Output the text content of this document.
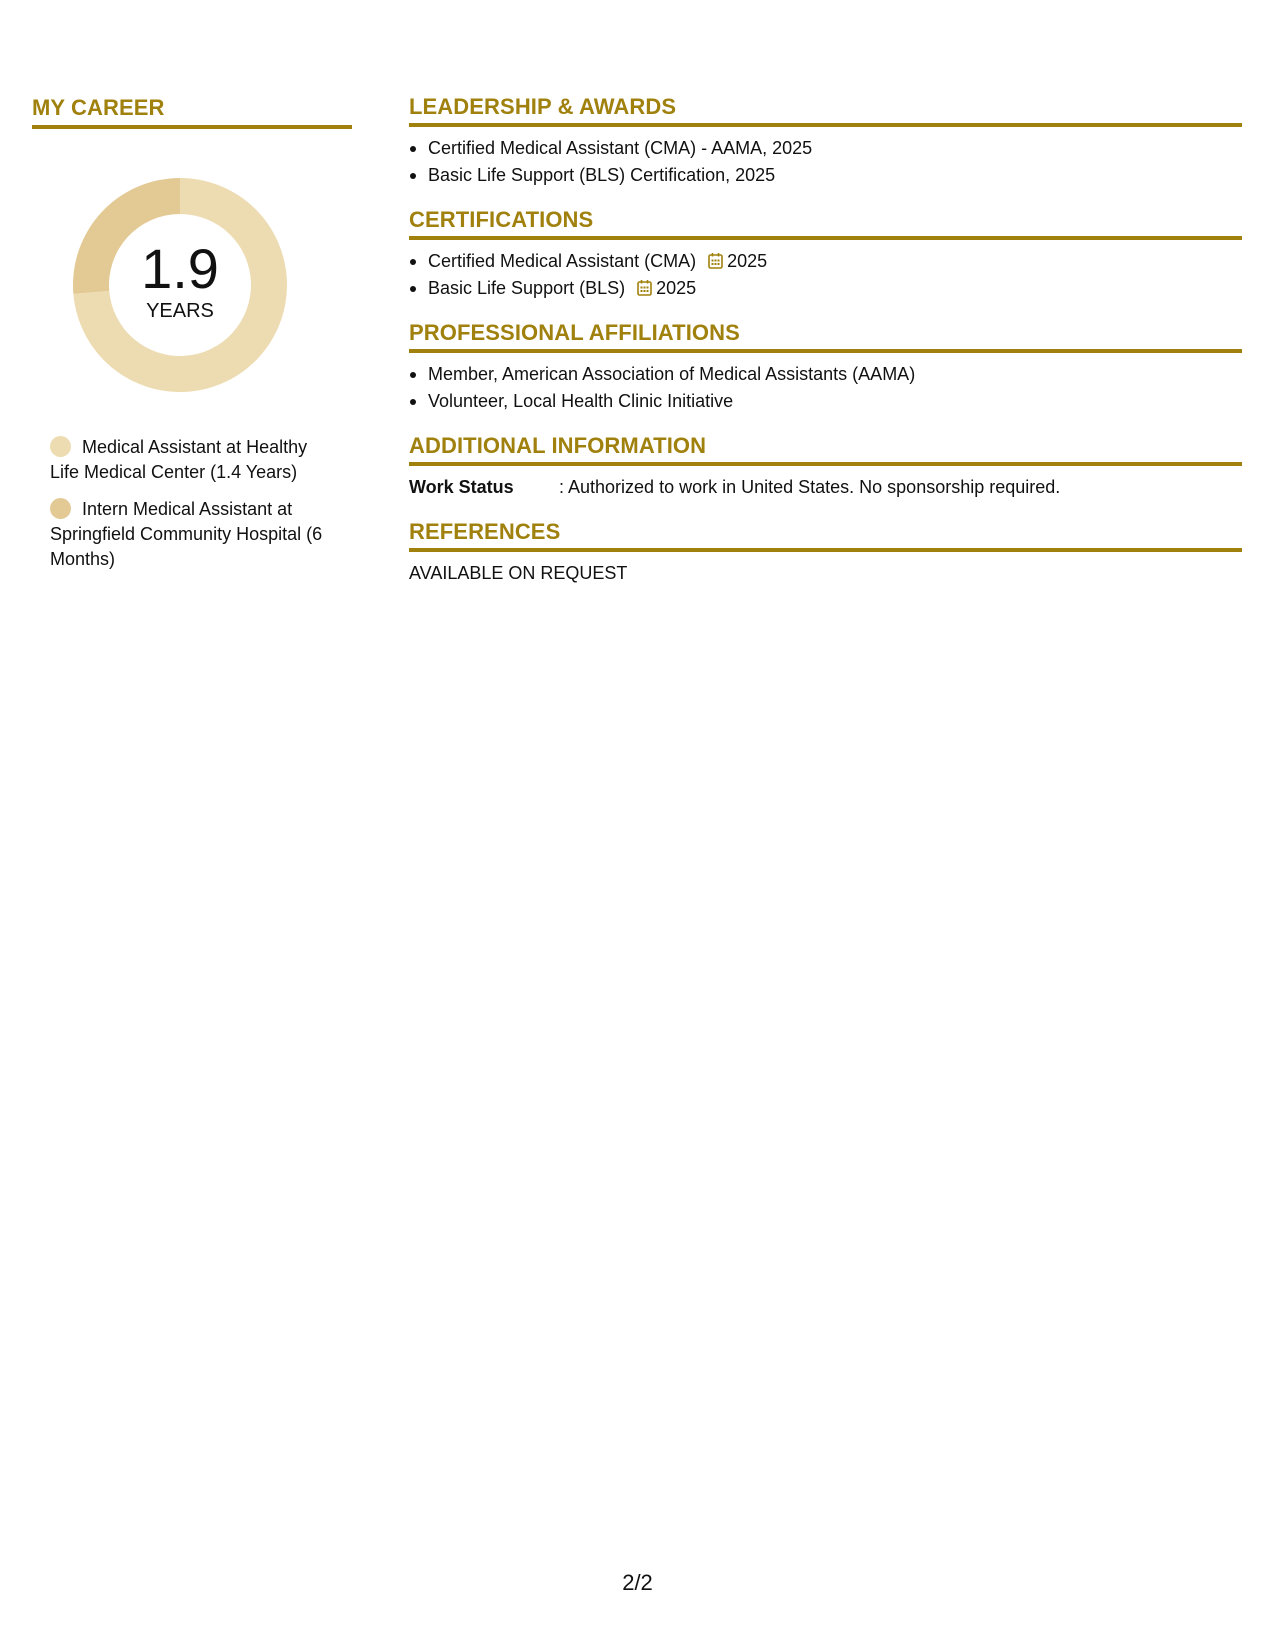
MY CAREER
1.9
YEARS
Medical Assistant at Healthy Life Medical Center (1.4 Years)
Intern Medical Assistant at Springfield Community Hospital (6 Months)
LEADERSHIP & AWARDS
Certified Medical Assistant (CMA) - AAMA, 2025
Basic Life Support (BLS) Certification, 2025
CERTIFICATIONS
Certified Medical Assistant (CMA) 2025
Basic Life Support (BLS) 2025
PROFESSIONAL AFFILIATIONS
Member, American Association of Medical Assistants (AAMA)
Volunteer, Local Health Clinic Initiative
ADDITIONAL INFORMATION
Work Status	: Authorized to work in United States. No sponsorship required.
REFERENCES
AVAILABLE ON REQUEST
2/2
